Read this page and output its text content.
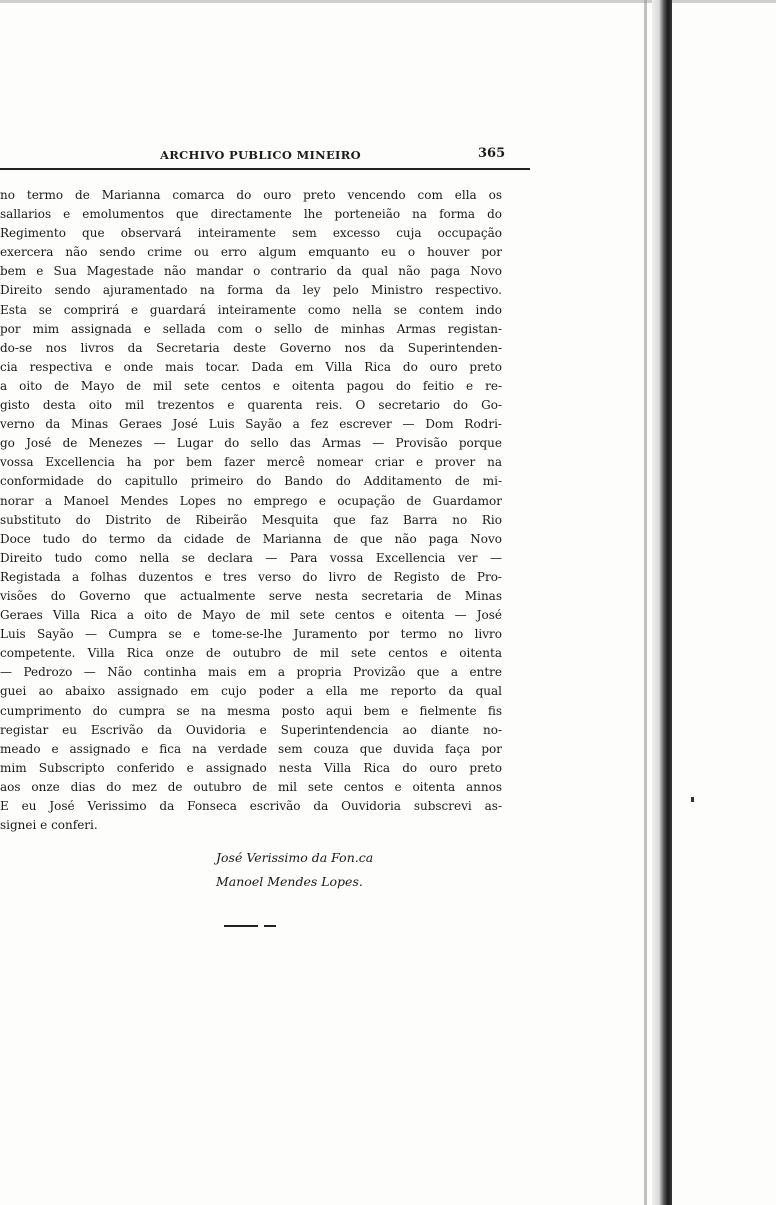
ARCHIVO PUBLICO MINEIRO	365
no termo de Marianna comarca do ouro preto vencendo com ella os
sallarios e emolumentos que directamente lhe porteneião na forma do
Regimento que observará inteiramente sem excesso cuja occupação
exercera não sendo crime ou erro algum emquanto eu o houver por
bem e Sua Magestade não mandar o contrario da qual não paga Novo
Direito sendo ajuramentado na forma da ley pelo Ministro respectivo.
Esta se comprirá e guardará inteiramente como nella se contem indo
por mim assignada e sellada com o sello de minhas Armas registan-
do-se nos livros da Secretaria deste Governo nos da Superintenden-
cia respectiva e onde mais tocar. Dada em Villa Rica do ouro preto
a oito de Mayo de mil sete centos e oitenta pagou do feitio e re-
gisto desta oito mil trezentos e quarenta reis. O secretario do Go-
verno da Minas Geraes José Luis Sayão a fez escrever — Dom Rodri-
go José de Menezes — Lugar do sello das Armas — Provisão porque
vossa Excellencia ha por bem fazer mercê nomear criar e prover na
conformidade do capitullo primeiro do Bando do Additamento de mi-
norar a Manoel Mendes Lopes no emprego e ocupação de Guardamor
substituto do Distrito de Ribeirão Mesquita que faz Barra no Rio
Doce tudo do termo da cidade de Marianna de que não paga Novo
Direito tudo como nella se declara — Para vossa Excellencia ver —
Registada a folhas duzentos e tres verso do livro de Registo de Pro-
visões do Governo que actualmente serve nesta secretaria de Minas
Geraes Villa Rica a oito de Mayo de mil sete centos e oitenta — José
Luis Sayão — Cumpra se e tome-se-lhe Juramento por termo no livro
competente. Villa Rica onze de outubro de mil sete centos e oitenta
— Pedrozo — Não continha mais em a propria Provizão que a entre
guei ao abaixo assignado em cujo poder a ella me reporto da qual
cumprimento do cumpra se na mesma posto aqui bem e fielmente fis
registar eu Escrivão da Ouvidoria e Superintendencia ao diante no-
meado e assignado e fica na verdade sem couza que duvida faça por
mim Subscripto conferido e assignado nesta Villa Rica do ouro preto
aos onze dias do mez de outubro de mil sete centos e oitenta annos
E eu José Verissimo da Fonseca escrivão da Ouvidoria subscrevi as-
signei e conferi.
José Verissimo da Fon.ca
Manoel Mendes Lopes.
